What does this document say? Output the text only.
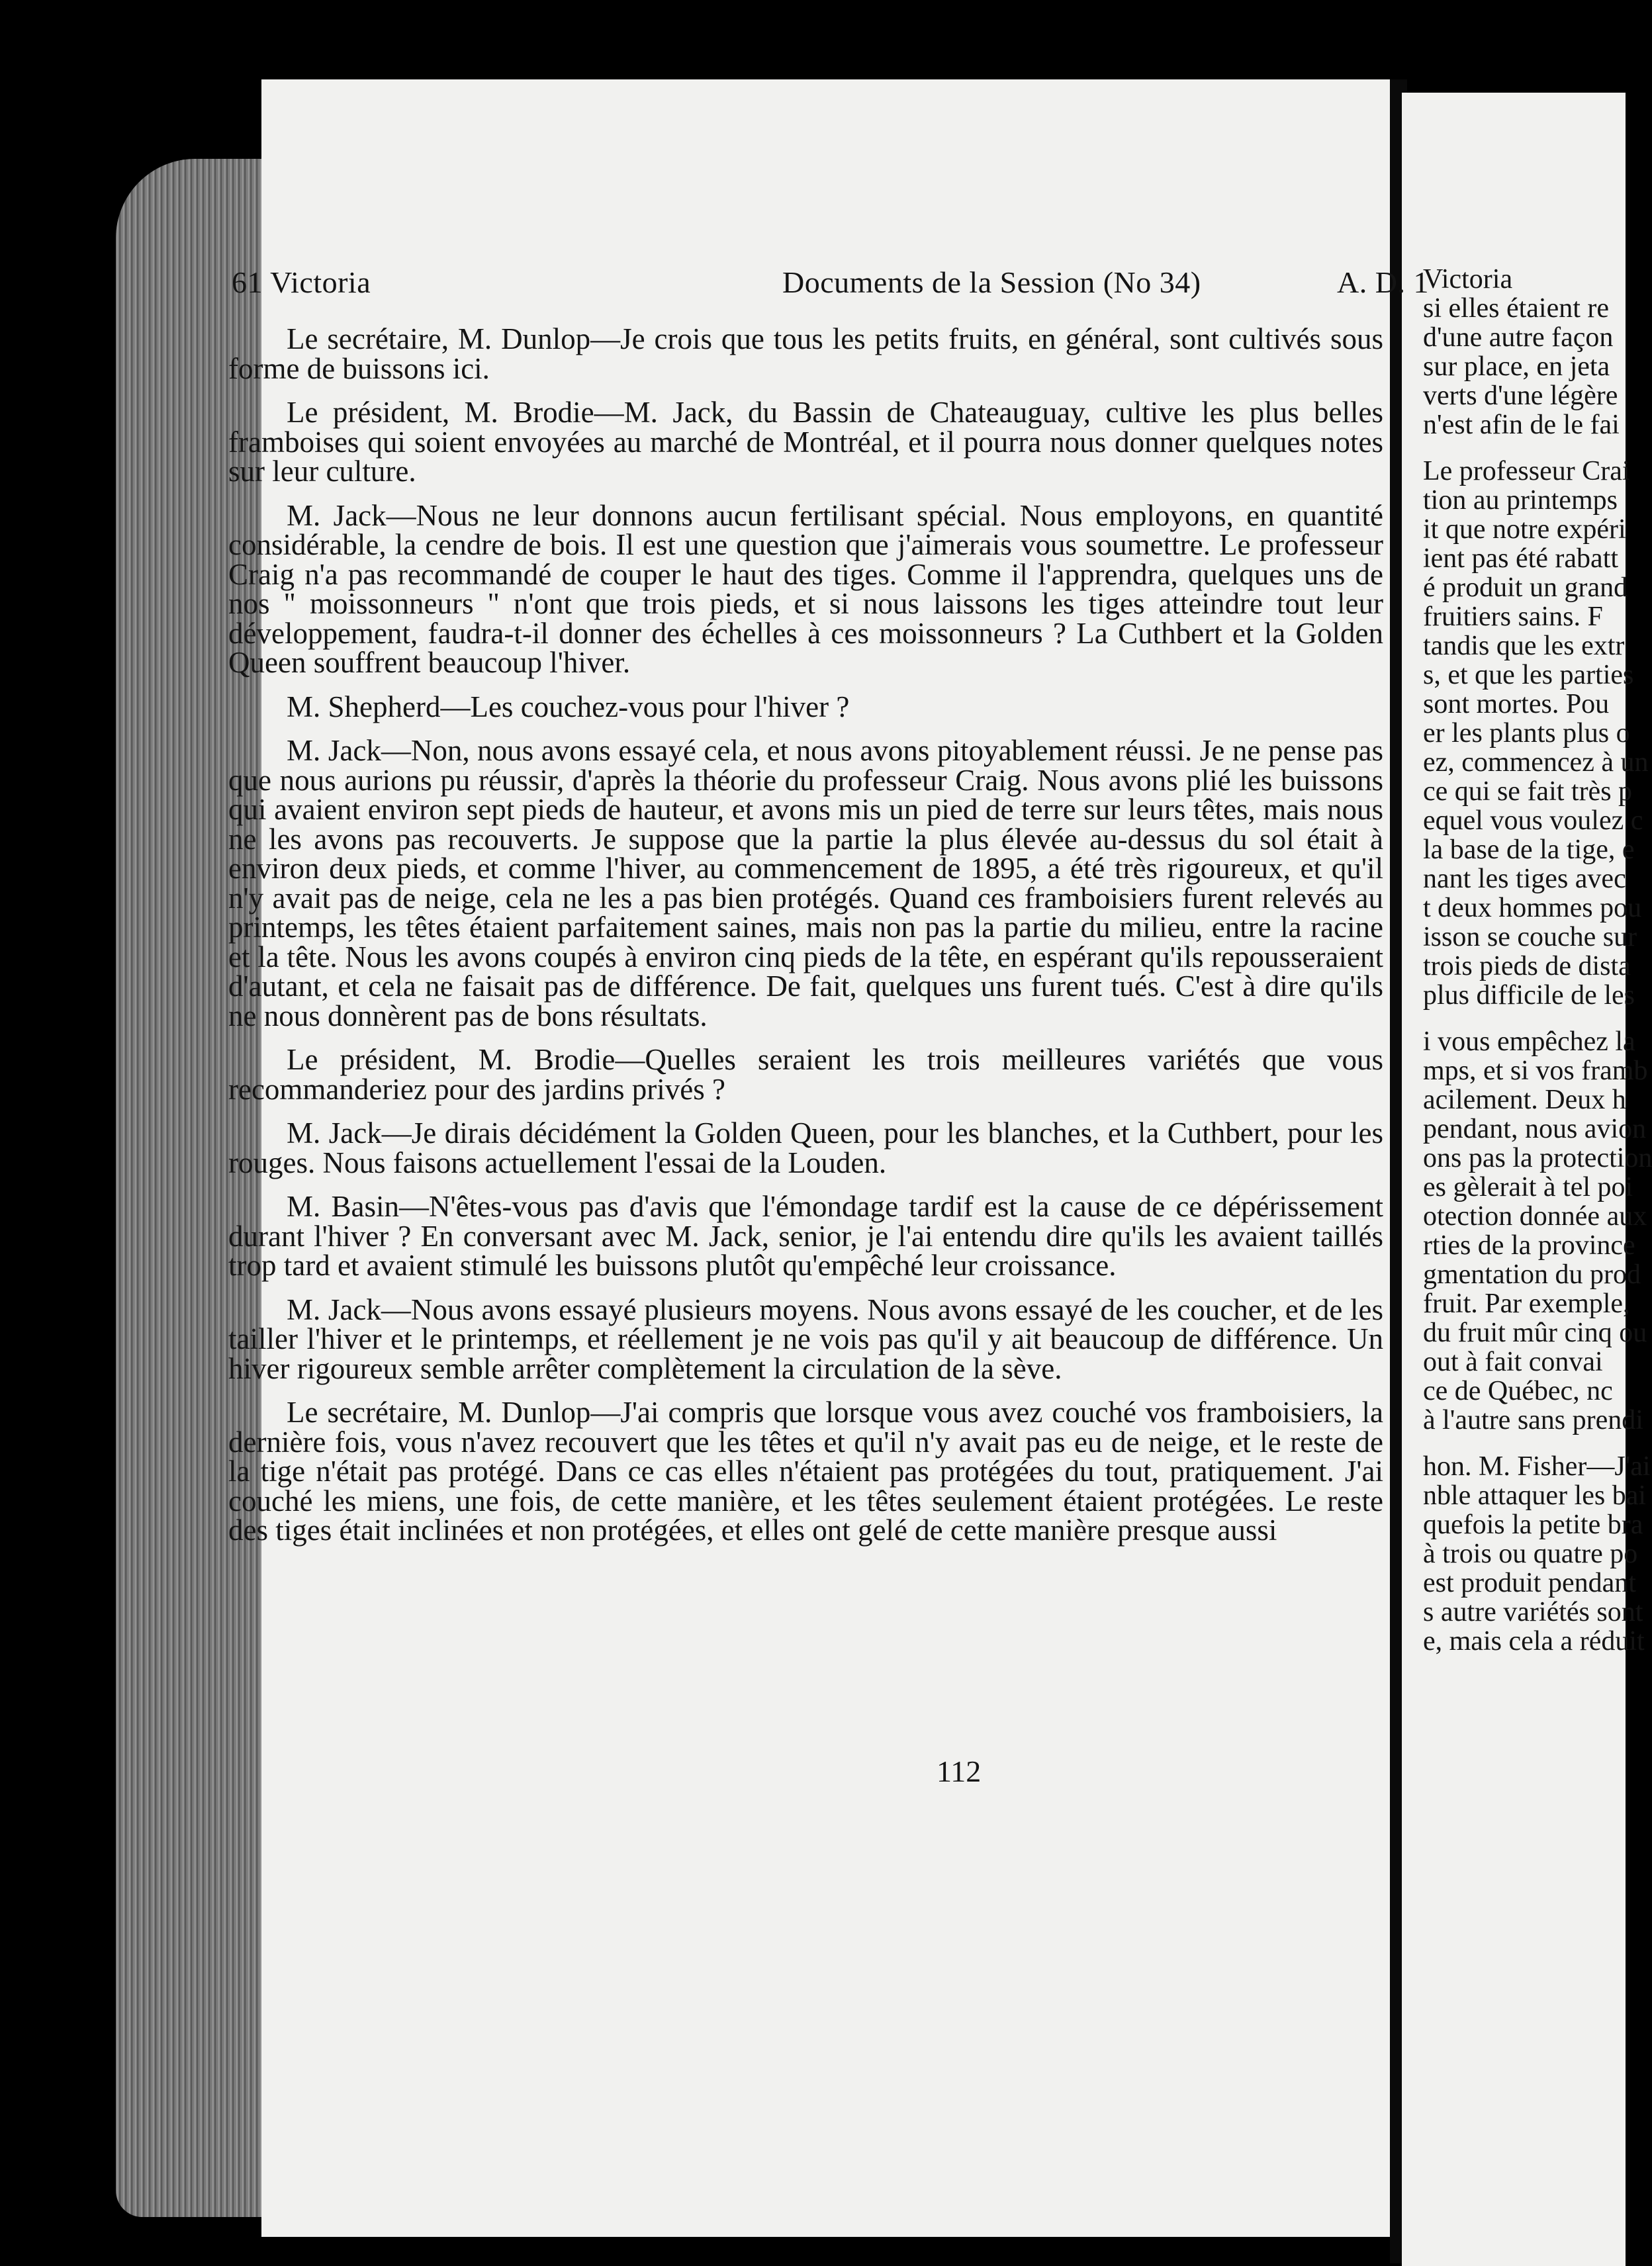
61 Victoria	Documents de la Session (No 34)	A. D. 1

Le secrétaire, M. Dunlop—Je crois que tous les petits fruits, en général, sont cultivés sous forme de buissons ici.

Le président, M. Brodie—M. Jack, du Bassin de Chateauguay, cultive les plus belles framboises qui soient envoyées au marché de Montréal, et il pourra nous donner quelques notes sur leur culture.

M. Jack—Nous ne leur donnons aucun fertilisant spécial. Nous employons, en quantité considérable, la cendre de bois. Il est une question que j'aimerais vous soumettre. Le professeur Craig n'a pas recommandé de couper le haut des tiges. Comme il l'apprendra, quelques uns de nos " moissonneurs " n'ont que trois pieds, et si nous laissons les tiges atteindre tout leur développement, faudra-t-il donner des échelles à ces moissonneurs ? La Cuthbert et la Golden Queen souffrent beaucoup l'hiver.

M. Shepherd—Les couchez-vous pour l'hiver ?

M. Jack—Non, nous avons essayé cela, et nous avons pitoyablement réussi. Je ne pense pas que nous aurions pu réussir, d'après la théorie du professeur Craig. Nous avons plié les buissons qui avaient environ sept pieds de hauteur, et avons mis un pied de terre sur leurs têtes, mais nous ne les avons pas recouverts. Je suppose que la partie la plus élevée au-dessus du sol était à environ deux pieds, et comme l'hiver, au commencement de 1895, a été très rigoureux, et qu'il n'y avait pas de neige, cela ne les a pas bien protégés. Quand ces framboisiers furent relevés au printemps, les têtes étaient parfaitement saines, mais non pas la partie du milieu, entre la racine et la tête. Nous les avons coupés à environ cinq pieds de la tête, en espérant qu'ils repousseraient d'autant, et cela ne faisait pas de différence. De fait, quelques uns furent tués. C'est à dire qu'ils ne nous donnèrent pas de bons résultats.

Le président, M. Brodie—Quelles seraient les trois meilleures variétés que vous recommanderiez pour des jardins privés ?

M. Jack—Je dirais décidément la Golden Queen, pour les blanches, et la Cuthbert, pour les rouges. Nous faisons actuellement l'essai de la Louden.

M. Basin—N'êtes-vous pas d'avis que l'émondage tardif est la cause de ce dépérissement durant l'hiver ? En conversant avec M. Jack, senior, je l'ai entendu dire qu'ils les avaient taillés trop tard et avaient stimulé les buissons plutôt qu'empêché leur croissance.

M. Jack—Nous avons essayé plusieurs moyens. Nous avons essayé de les coucher, et de les tailler l'hiver et le printemps, et réellement je ne vois pas qu'il y ait beaucoup de différence. Un hiver rigoureux semble arrêter complètement la circulation de la sève.

Le secrétaire, M. Dunlop—J'ai compris que lorsque vous avez couché vos framboisiers, la dernière fois, vous n'avez recouvert que les têtes et qu'il n'y avait pas eu de neige, et le reste de la tige n'était pas protégé. Dans ce cas elles n'étaient pas protégées du tout, pratiquement. J'ai couché les miens, une fois, de cette manière, et les têtes seulement étaient protégées. Le reste des tiges était inclinées et non protégées, et elles ont gelé de cette manière presque aussi

112
Victoria
si elles étaient re
d'une autre façon
sur place, en jeta
verts d'une légère
n'est afin de le fai
Le professeur Crai
tion au printemps
it que notre expéri
ient pas été rabatt
é produit un grand
fruitiers sains. F
tandis que les extr
s, et que les parties
sont mortes. Pou
er les plants plus o
ez, commencez à un
ce qui se fait très p
equel vous voulez c
la base de la tige, e
nant les tiges avec
t deux hommes pou
isson se couche sur
trois pieds de dista
plus difficile de les
i vous empêchez la
mps, et si vos framb
acilement. Deux h
pendant, nous avion
ons pas la protection
es gèlerait à tel poi
otection donnée aux
rties de la province
gmentation du prod
fruit. Par exemple,
du fruit mûr cinq ou
out à fait convai
ce de Québec, nc
à l'autre sans prendi
hon. M. Fisher—J'ai
nble attaquer les bai
quefois la petite bra
à trois ou quatre po
est produit pendant
s autre variétés sont
e, mais cela a réduit
